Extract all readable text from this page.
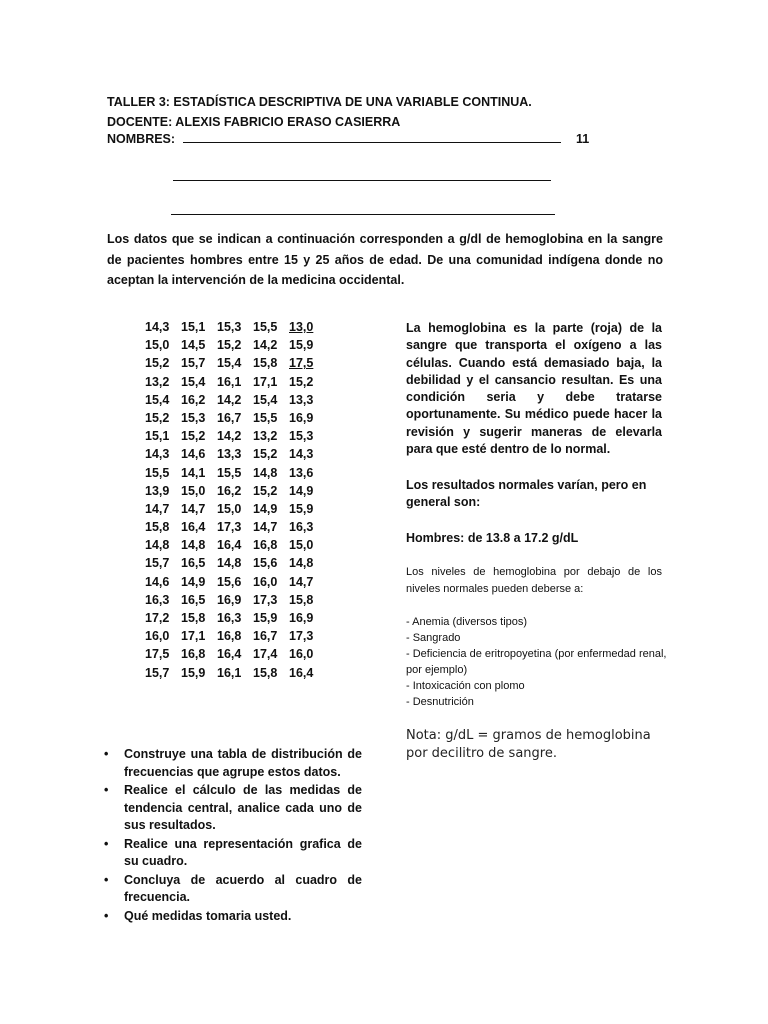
TALLER 3: ESTADÍSTICA DESCRIPTIVA DE UNA VARIABLE CONTINUA.
DOCENTE: ALEXIS FABRICIO ERASO CASIERRA
NOMBRES:	11
Los datos que se indican a continuación corresponden a g/dl de hemoglobina en la sangre de pacientes hombres entre 15 y 25 años de edad. De una comunidad indígena donde no aceptan la intervención de la medicina occidental.
14,3 15,1 15,3 15,5 13,0
15,0 14,5 15,2 14,2 15,9
15,2 15,7 15,4 15,8 17,5
13,2 15,4 16,1 17,1 15,2
15,4 16,2 14,2 15,4 13,3
15,2 15,3 16,7 15,5 16,9
15,1 15,2 14,2 13,2 15,3
14,3 14,6 13,3 15,2 14,3
15,5 14,1 15,5 14,8 13,6
13,9 15,0 16,2 15,2 14,9
14,7 14,7 15,0 14,9 15,9
15,8 16,4 17,3 14,7 16,3
14,8 14,8 16,4 16,8 15,0
15,7 16,5 14,8 15,6 14,8
14,6 14,9 15,6 16,0 14,7
16,3 16,5 16,9 17,3 15,8
17,2 15,8 16,3 15,9 16,9
16,0 17,1 16,8 16,7 17,3
17,5 16,8 16,4 17,4 16,0
15,7 15,9 16,1 15,8 16,4
• Construye una tabla de distribución de frecuencias que agrupe estos datos.
• Realice el cálculo de las medidas de tendencia central, analice cada uno de sus resultados.
• Realice una representación grafica de su cuadro.
• Concluya de acuerdo al cuadro de frecuencia.
• Qué medidas tomaria usted.
La hemoglobina es la parte (roja) de la sangre que transporta el oxígeno a las células. Cuando está demasiado baja, la debilidad y el cansancio resultan. Es una condición seria y debe tratarse oportunamente. Su médico puede hacer la revisión y sugerir maneras de elevarla para que esté dentro de lo normal.
Los resultados normales varían, pero en general son:
Hombres: de 13.8 a 17.2 g/dL
Los niveles de hemoglobina por debajo de los niveles normales pueden deberse a:
- Anemia (diversos tipos)
- Sangrado
- Deficiencia de eritropoyetina (por enfermedad renal, por ejemplo)
- Intoxicación con plomo
- Desnutrición
Nota: g/dL = gramos de hemoglobina por decilitro de sangre.
